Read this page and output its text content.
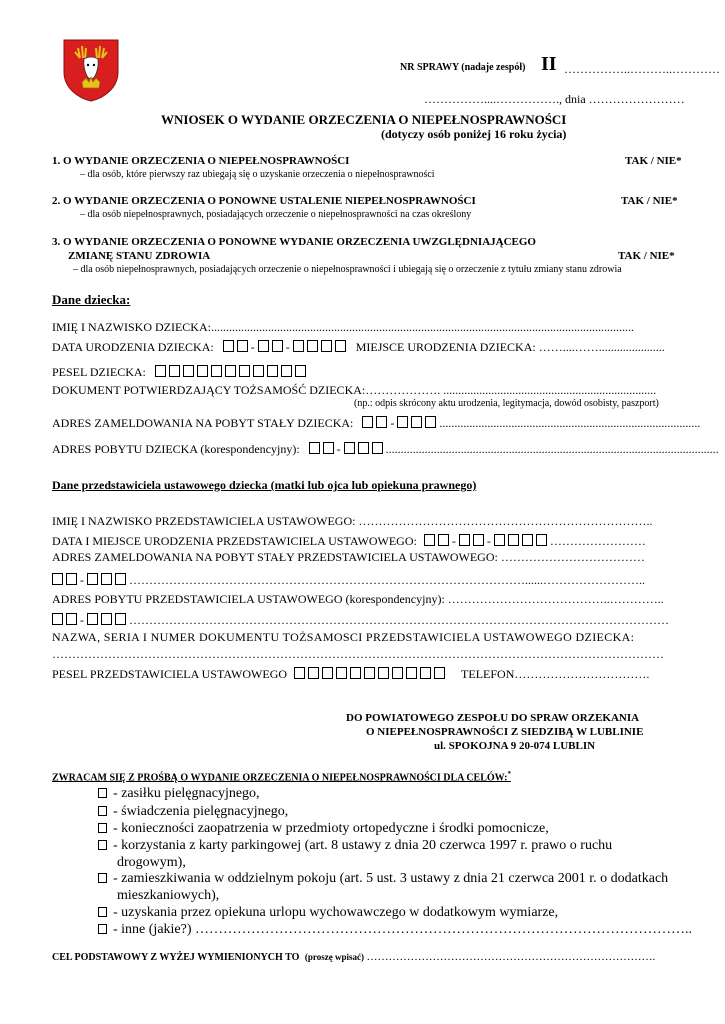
NR SPRAWY (nadaje zespół) II ……………..………..…………
……………....……………., dnia ……………………
WNIOSEK O WYDANIE ORZECZENIA O NIEPEŁNOSPRAWNOŚCI
(dotyczy osób poniżej 16 roku życia)
1. O WYDANIE ORZECZENIA O NIEPEŁNOSPRAWNOŚCI	TAK / NIE*
– dla osób, które pierwszy raz ubiegają się o uzyskanie orzeczenia o niepełnosprawności
2. O WYDANIE ORZECZENIA O PONOWNE USTALENIE NIEPEŁNOSPRAWNOŚCI	TAK / NIE*
– dla osób niepełnosprawnych, posiadających orzeczenie o niepełnosprawności na czas określony
3. O WYDANIE ORZECZENIA O PONOWNE WYDANIE ORZECZENIA UWZGLĘDNIAJĄCEGO
ZMIANĘ STANU ZDROWIA	TAK / NIE*
– dla osób niepełnosprawnych, posiadających orzeczenie o niepełnosprawności i ubiegają się o orzeczenie z tytułu zmiany stanu zdrowia
Dane dziecka:
IMIĘ I NAZWISKO DZIECKA:.............................................................................................................................................
DATA URODZENIA DZIECKA:	-	-	MIEJSCE URODZENIA DZIECKA: ……....……......................
PESEL DZIECKA:
DOKUMENT POTWIERDZAJĄCY TOŻSAMOŚĆ DZIECKA:………………. .......................................................................
(np.: odpis skrócony aktu urodzenia, legitymacja, dowód osobisty, paszport)
ADRES ZAMELDOWANIA NA POBYT STAŁY DZIECKA:	-	.......................................................................................
ADRES POBYTU DZIECKA (korespondencyjny):	-	...............................................................................................................
Dane przedstawiciela ustawowego dziecka (matki lub ojca lub opiekuna prawnego)
IMIĘ I NAZWISKO PRZEDSTAWICIELA USTAWOWEGO: ………………………………………………………………..
DATA I MIEJSCE URODZENIA PRZEDSTAWICIELA USTAWOWEGO:	-	-	……………………
ADRES ZAMELDOWANIA NA POBYT STAŁY PRZEDSTAWICIELA USTAWOWEGO: ………………………………
-	………………………………………………………………………………………......……………………..
ADRES POBYTU PRZEDSTAWICIELA USTAWOWEGO (korespondencyjny): …………………………………..…………..
-	………………………………………………………………………………………………………………………
NAZWA, SERIA I NUMER DOKUMENTU TOŻSAMOSCI PRZEDSTAWICIELA USTAWOWEGO DZIECKA:
………………………………………………………………………………………………………………………………………
PESEL PRZEDSTAWICIELA USTAWOWEGO	TELEFON…………………………….
DO POWIATOWEGO ZESPOŁU DO SPRAW ORZEKANIA
O NIEPEŁNOSPRAWNOŚCI Z SIEDZIBĄ W LUBLINIE
ul. SPOKOJNA 9 20-074 LUBLIN
ZWRACAM SIĘ Z PROŚBĄ O WYDANIE ORZECZENIA O NIEPEŁNOSPRAWNOŚCI DLA CELÓW:*
- zasiłku pielęgnacyjnego,
- świadczenia pielęgnacyjnego,
- konieczności zaopatrzenia w przedmioty ortopedyczne i środki pomocnicze,
- korzystania z karty parkingowej (art. 8 ustawy z dnia 20 czerwca 1997 r. prawo o ruchu
drogowym),
- zamieszkiwania w oddzielnym pokoju (art. 5 ust. 3 ustawy z dnia 21 czerwca 2001 r. o dodatkach
mieszkaniowych),
- uzyskania przez opiekuna urlopu wychowawczego w dodatkowym wymiarze,
- inne (jakie?) ……………………………………………………………………………………………..
CEL PODSTAWOWY Z WYŻEJ WYMIENIONYCH TO (proszę wpisać) …………………………………………………………………….
